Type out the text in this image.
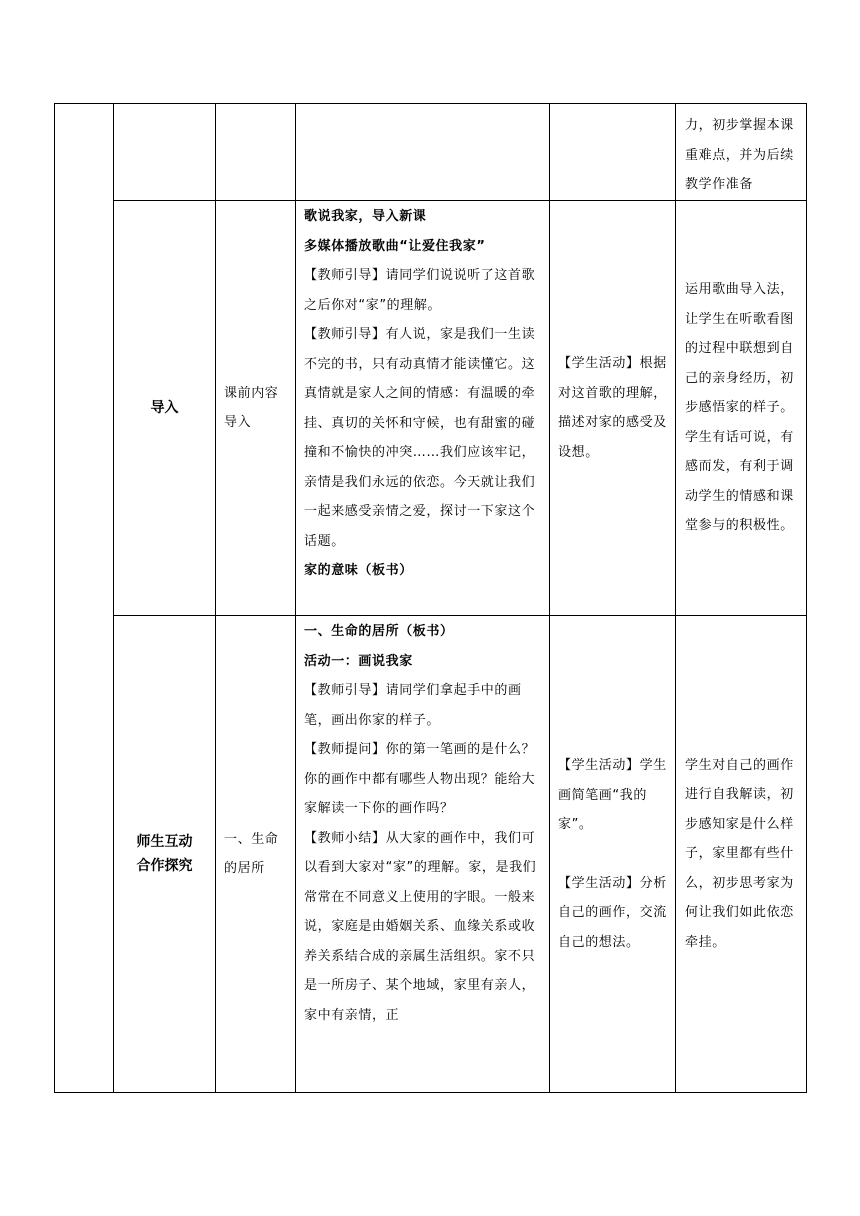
					力，初步掌握本课重难点，并为后续教学作准备
	导入	课前内容导入	歌说我家，导入新课
多媒体播放歌曲“让爱住我家”
【教师引导】请同学们说说听了这首歌之后你对“家”的理解。
【教师引导】有人说，家是我们一生读不完的书，只有动真情才能读懂它。这真情就是家人之间的情感：有温暖的牵挂、真切的关怀和守候，也有甜蜜的碰撞和不愉快的冲突……我们应该牢记，亲情是我们永远的依恋。今天就让我们一起来感受亲情之爱，探讨一下家这个话题。
家的意味（板书）	【学生活动】根据对这首歌的理解，描述对家的感受及设想。	运用歌曲导入法，让学生在听歌看图的过程中联想到自己的亲身经历，初步感悟家的样子。学生有话可说，有感而发，有利于调动学生的情感和课堂参与的积极性。
	师生互动合作探究	一、生命的居所	一、生命的居所（板书）
活动一：画说我家
【教师引导】请同学们拿起手中的画笔，画出你家的样子。
【教师提问】你的第一笔画的是什么？你的画作中都有哪些人物出现？能给大家解读一下你的画作吗？
【教师小结】从大家的画作中，我们可以看到大家对“家”的理解。家，是我们常常在不同意义上使用的字眼。一般来说，家庭是由婚姻关系、血缘关系或收养关系结合成的亲属生活组织。家不只是一所房子、某个地域，家里有亲人，家中有亲情，正	【学生活动】学生画简笔画“我的家”。
【学生活动】分析自己的画作，交流自己的想法。	学生对自己的画作进行自我解读，初步感知家是什么样子，家里都有些什么，初步思考家为何让我们如此依恋牵挂。
